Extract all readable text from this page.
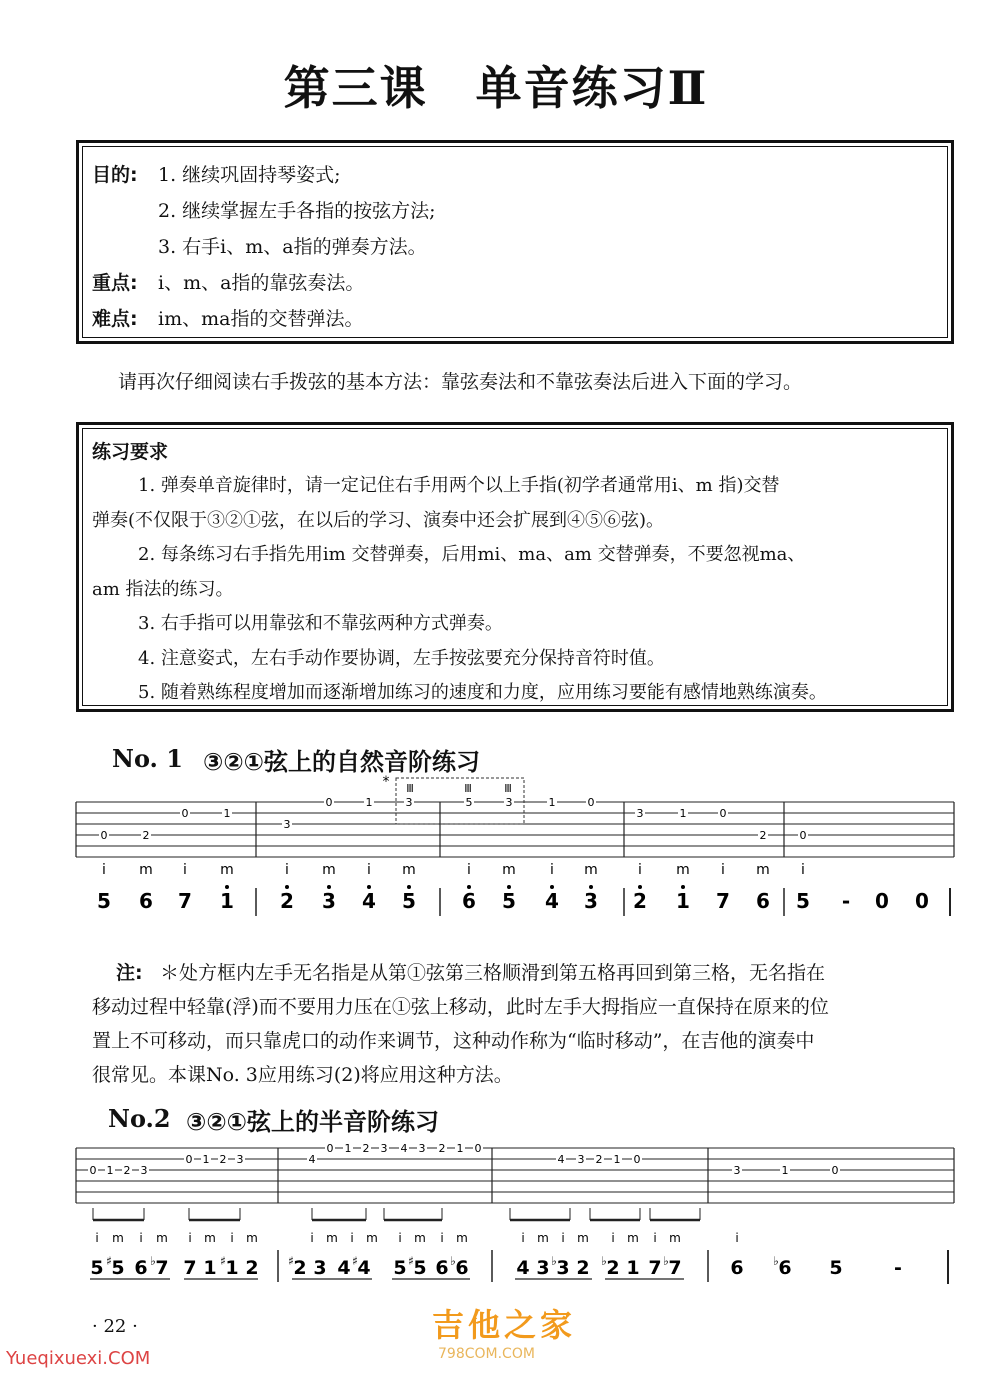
第三课　单音练习Ⅱ
目的: 1. 继续巩固持琴姿式;
2. 继续掌握左手各指的按弦方法;
3. 右手i、m、a指的弹奏方法。
重点: i、m、a指的靠弦奏法。
难点: im、ma指的交替弹法。
请再次仔细阅读右手拨弦的基本方法：靠弦奏法和不靠弦奏法后进入下面的学习。
练习要求
1. 弹奏单音旋律时，请一定记住右手用两个以上手指(初学者通常用i、m 指)交替
弹奏(不仅限于③②①弦，在以后的学习、演奏中还会扩展到④⑤⑥弦)。
2. 每条练习右手指先用im 交替弹奏，后用mi、ma、am 交替弹奏，不要忽视ma、
am 指法的练习。
3. 右手指可以用靠弦和不靠弦两种方式弹奏。
4. 注意姿式，左右手动作要协调，左手按弦要充分保持音符时值。
5. 随着熟练程度增加而逐渐增加练习的速度和力度，应用练习要能有感情地熟练演奏。
No. 1 ③②①弦上的自然音阶练习
* Ⅲ	Ⅲ	Ⅲ
0	2
0	1
3
0	1	3	5	3	1	0
3	1	0
2	0
i m i m	i m i m	i m i m	i m i m i
5 6 7 1 2 3 4 5 6 5 4 3 2 1 7 6 5 - 0 0
注: ＊处方框内左手无名指是从第①弦第三格顺滑到第五格再回到第三格，无名指在
移动过程中轻靠(浮)而不要用力压在①弦上移动，此时左手大拇指应一直保持在原来的位
置上不可移动，而只靠虎口的动作来调节，这种动作称为“临时移动”，在吉他的演奏中
很常见。本课No. 3应用练习(2)将应用这种方法。
No.2 ③②①弦上的半音阶练习
0 1 2 3
0 1 2 3	4
0 1 2 3 4 3 2 1 0
4 3 2 1 0
3	1	0
i m i m i m i m	i m i m i m i m	i m i m i m i m	i
5 ♯ 5 6 ♭ 7 7 1 ♯ 1 2 ♯ 2 3 4 ♯ 4 5 ♯ 5 6 ♭ 6	4 3 ♭ 3 2 ♭ 2 1 7 ♭ 7	6 ♭ 6 5	-
· 22 ·	吉他之家
Yueqixuexi.COM	798COM.COM
